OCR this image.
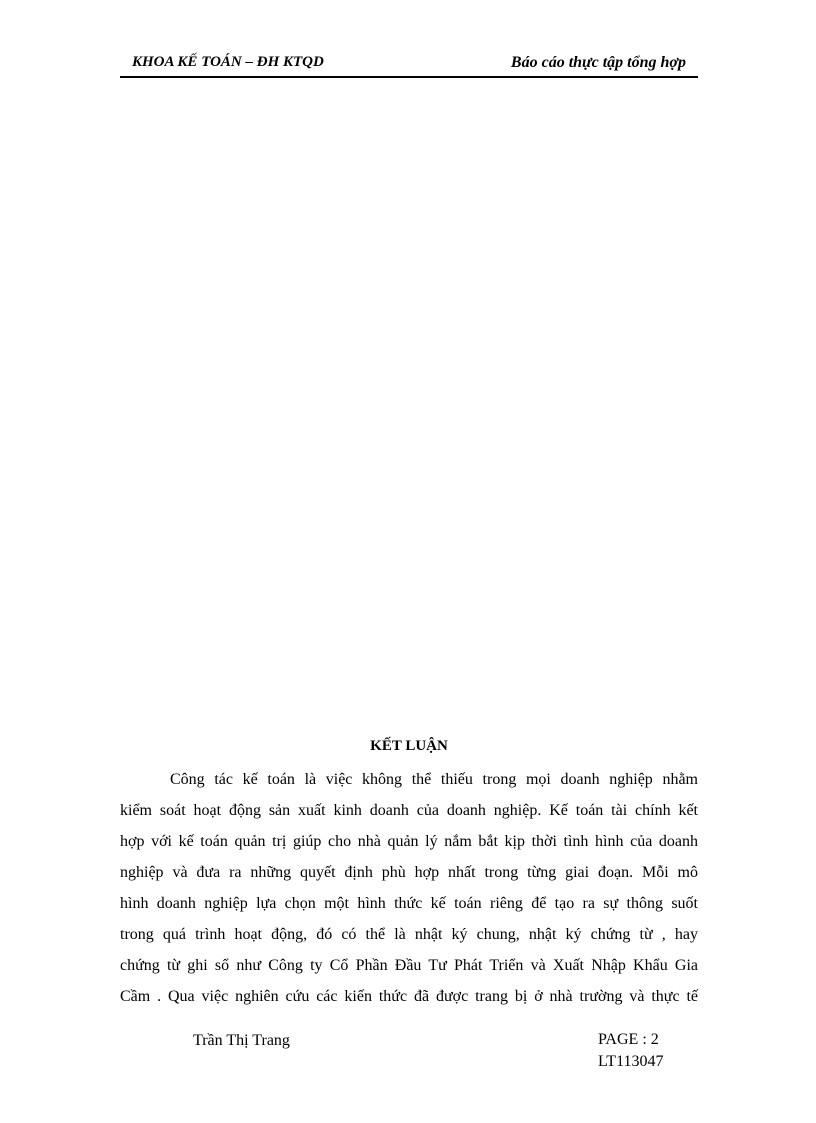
KHOA KẾ TOÁN – ĐH KTQD	Báo cáo thực tập tổng hợp
KẾT LUẬN
Công tác kế toán là việc không thể thiếu trong mọi doanh nghiệp nhằm
kiểm soát hoạt động sản xuất kinh doanh của doanh nghiệp. Kế toán tài chính kết
hợp với kế toán quản trị giúp cho nhà quản lý nắm bắt kịp thời tình hình của doanh
nghiệp và đưa ra những quyết định phù hợp nhất trong từng giai đoạn. Mỗi mô
hình doanh nghiệp lựa chọn một hình thức kế toán riêng để tạo ra sự thông suốt
trong quá trình hoạt động, đó có thể là nhật ký chung, nhật ký chứng từ , hay
chứng từ ghi sổ như Công ty Cổ Phần Đầu Tư Phát Triển và Xuất Nhập Khẩu Gia
Cầm . Qua việc nghiên cứu các kiến thức đã được trang bị ở nhà trường và thực tế
Trần Thị Trang	PAGE : 2
LT113047
